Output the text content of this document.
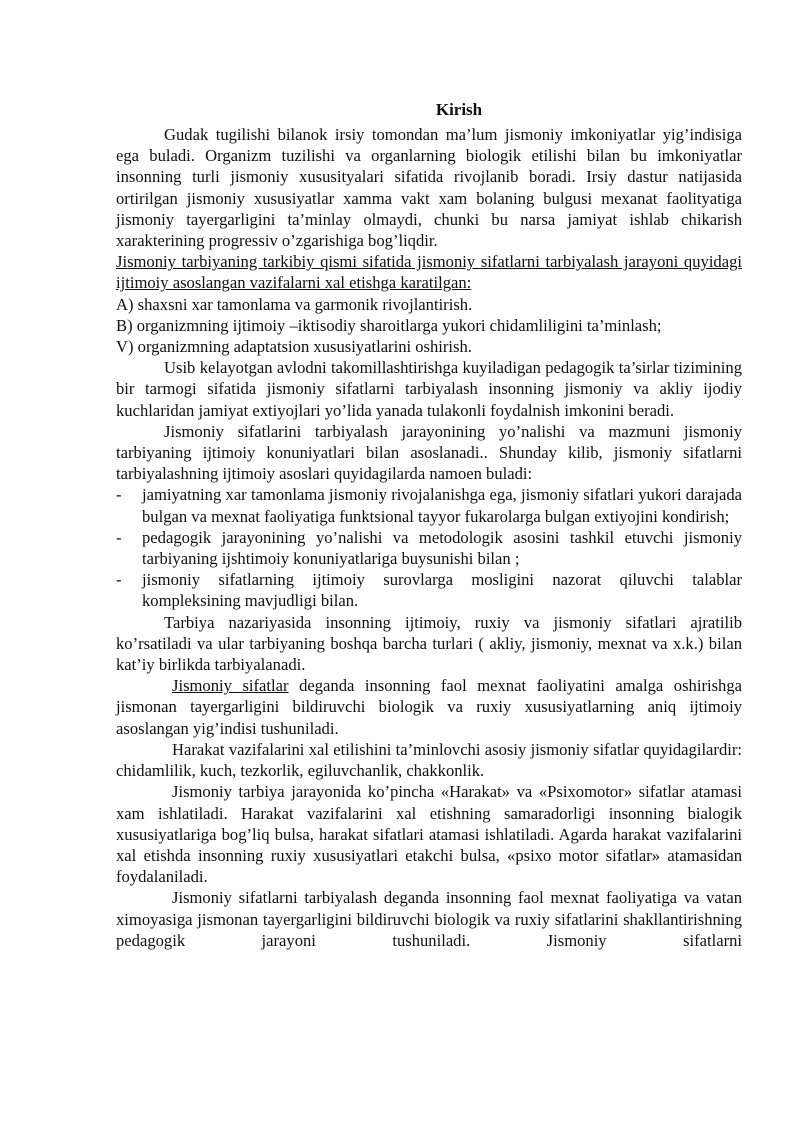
Kirish

Gudak tugilishi bilanok irsiy tomondan ma’lum jismoniy imkoniyatlar yig’indisiga ega buladi. Organizm tuzilishi va organlarning biologik etilishi bilan bu imkoniyatlar insonning turli jismoniy xususityalari sifatida rivojlanib boradi. Irsiy dastur natijasida ortirilgan jismoniy xususiyatlar xamma vakt xam bolaning bulgusi mexanat faolityatiga jismoniy tayergarligini ta’minlay olmaydi, chunki bu narsa jamiyat ishlab chikarish xarakterining progressiv o’zgarishiga bog’liqdir.

Jismoniy tarbiyaning tarkibiy qismi sifatida jismoniy sifatlarni tarbiyalash jarayoni quyidagi ijtimoiy asoslangan vazifalarni xal etishga karatilgan:

A) shaxsni xar tamonlama va garmonik rivojlantirish.

B) organizmning ijtimoiy –iktisodiy sharoitlarga yukori chidamliligini ta’minlash;

V) organizmning adaptatsion xususiyatlarini oshirish.

Usib kelayotgan avlodni takomillashtirishga kuyiladigan pedagogik ta’sirlar tizimining bir tarmogi sifatida jismoniy sifatlarni tarbiyalash insonning jismoniy va akliy ijodiy kuchlaridan jamiyat extiyojlari yo’lida yanada tulakonli foydalnish imkonini beradi.

Jismoniy sifatlarini tarbiyalash jarayonining yo’nalishi va mazmuni jismoniy tarbiyaning ijtimoiy konuniyatlari bilan asoslanadi.. Shunday kilib, jismoniy sifatlarni tarbiyalashning ijtimoiy asoslari quyidagilarda namoen buladi:

- jamiyatning xar tamonlama jismoniy rivojalanishga ega, jismoniy sifatlari yukori darajada bulgan va mexnat faoliyatiga funktsional tayyor fukarolarga bulgan extiyojini kondirish;
- pedagogik jarayonining yo’nalishi va metodologik asosini tashkil etuvchi jismoniy tarbiyaning ijshtimoiy konuniyatlariga buysunishi bilan ;
- jismoniy sifatlarning ijtimoiy surovlarga mosligini nazorat qiluvchi talablar kompleksining mavjudligi bilan.

Tarbiya nazariyasida insonning ijtimoiy, ruxiy va jismoniy sifatlari ajratilib ko’rsatiladi va ular tarbiyaning boshqa barcha turlari ( akliy, jismoniy, mexnat va x.k.) bilan kat’iy birlikda tarbiyalanadi.

Jismoniy sifatlar deganda insonning faol mexnat faoliyatini amalga oshirishga jismonan tayergarligini bildiruvchi biologik va ruxiy xususiyatlarning aniq ijtimoiy asoslangan yig’indisi tushuniladi.

Harakat vazifalarini xal etilishini ta’minlovchi asosiy jismoniy sifatlar quyidagilardir: chidamlilik, kuch, tezkorlik, egiluvchanlik, chakkonlik.

Jismoniy tarbiya jarayonida ko’pincha «Harakat» va «Psixomotor» sifatlar atamasi xam ishlatiladi. Harakat vazifalarini xal etishning samaradorligi insonning bialogik xususiyatlariga bog’liq bulsa, harakat sifatlari atamasi ishlatiladi. Agarda harakat vazifalarini xal etishda insonning ruxiy xususiyatlari etakchi bulsa, «psixo motor sifatlar» atamasidan foydalaniladi.

Jismoniy sifatlarni tarbiyalash deganda insonning faol mexnat faoliyatiga va vatan ximoyasiga jismonan tayergarligini bildiruvchi biologik va ruxiy sifatlarini shakllantirishning pedagogik jarayoni tushuniladi. Jismoniy sifatlarni
